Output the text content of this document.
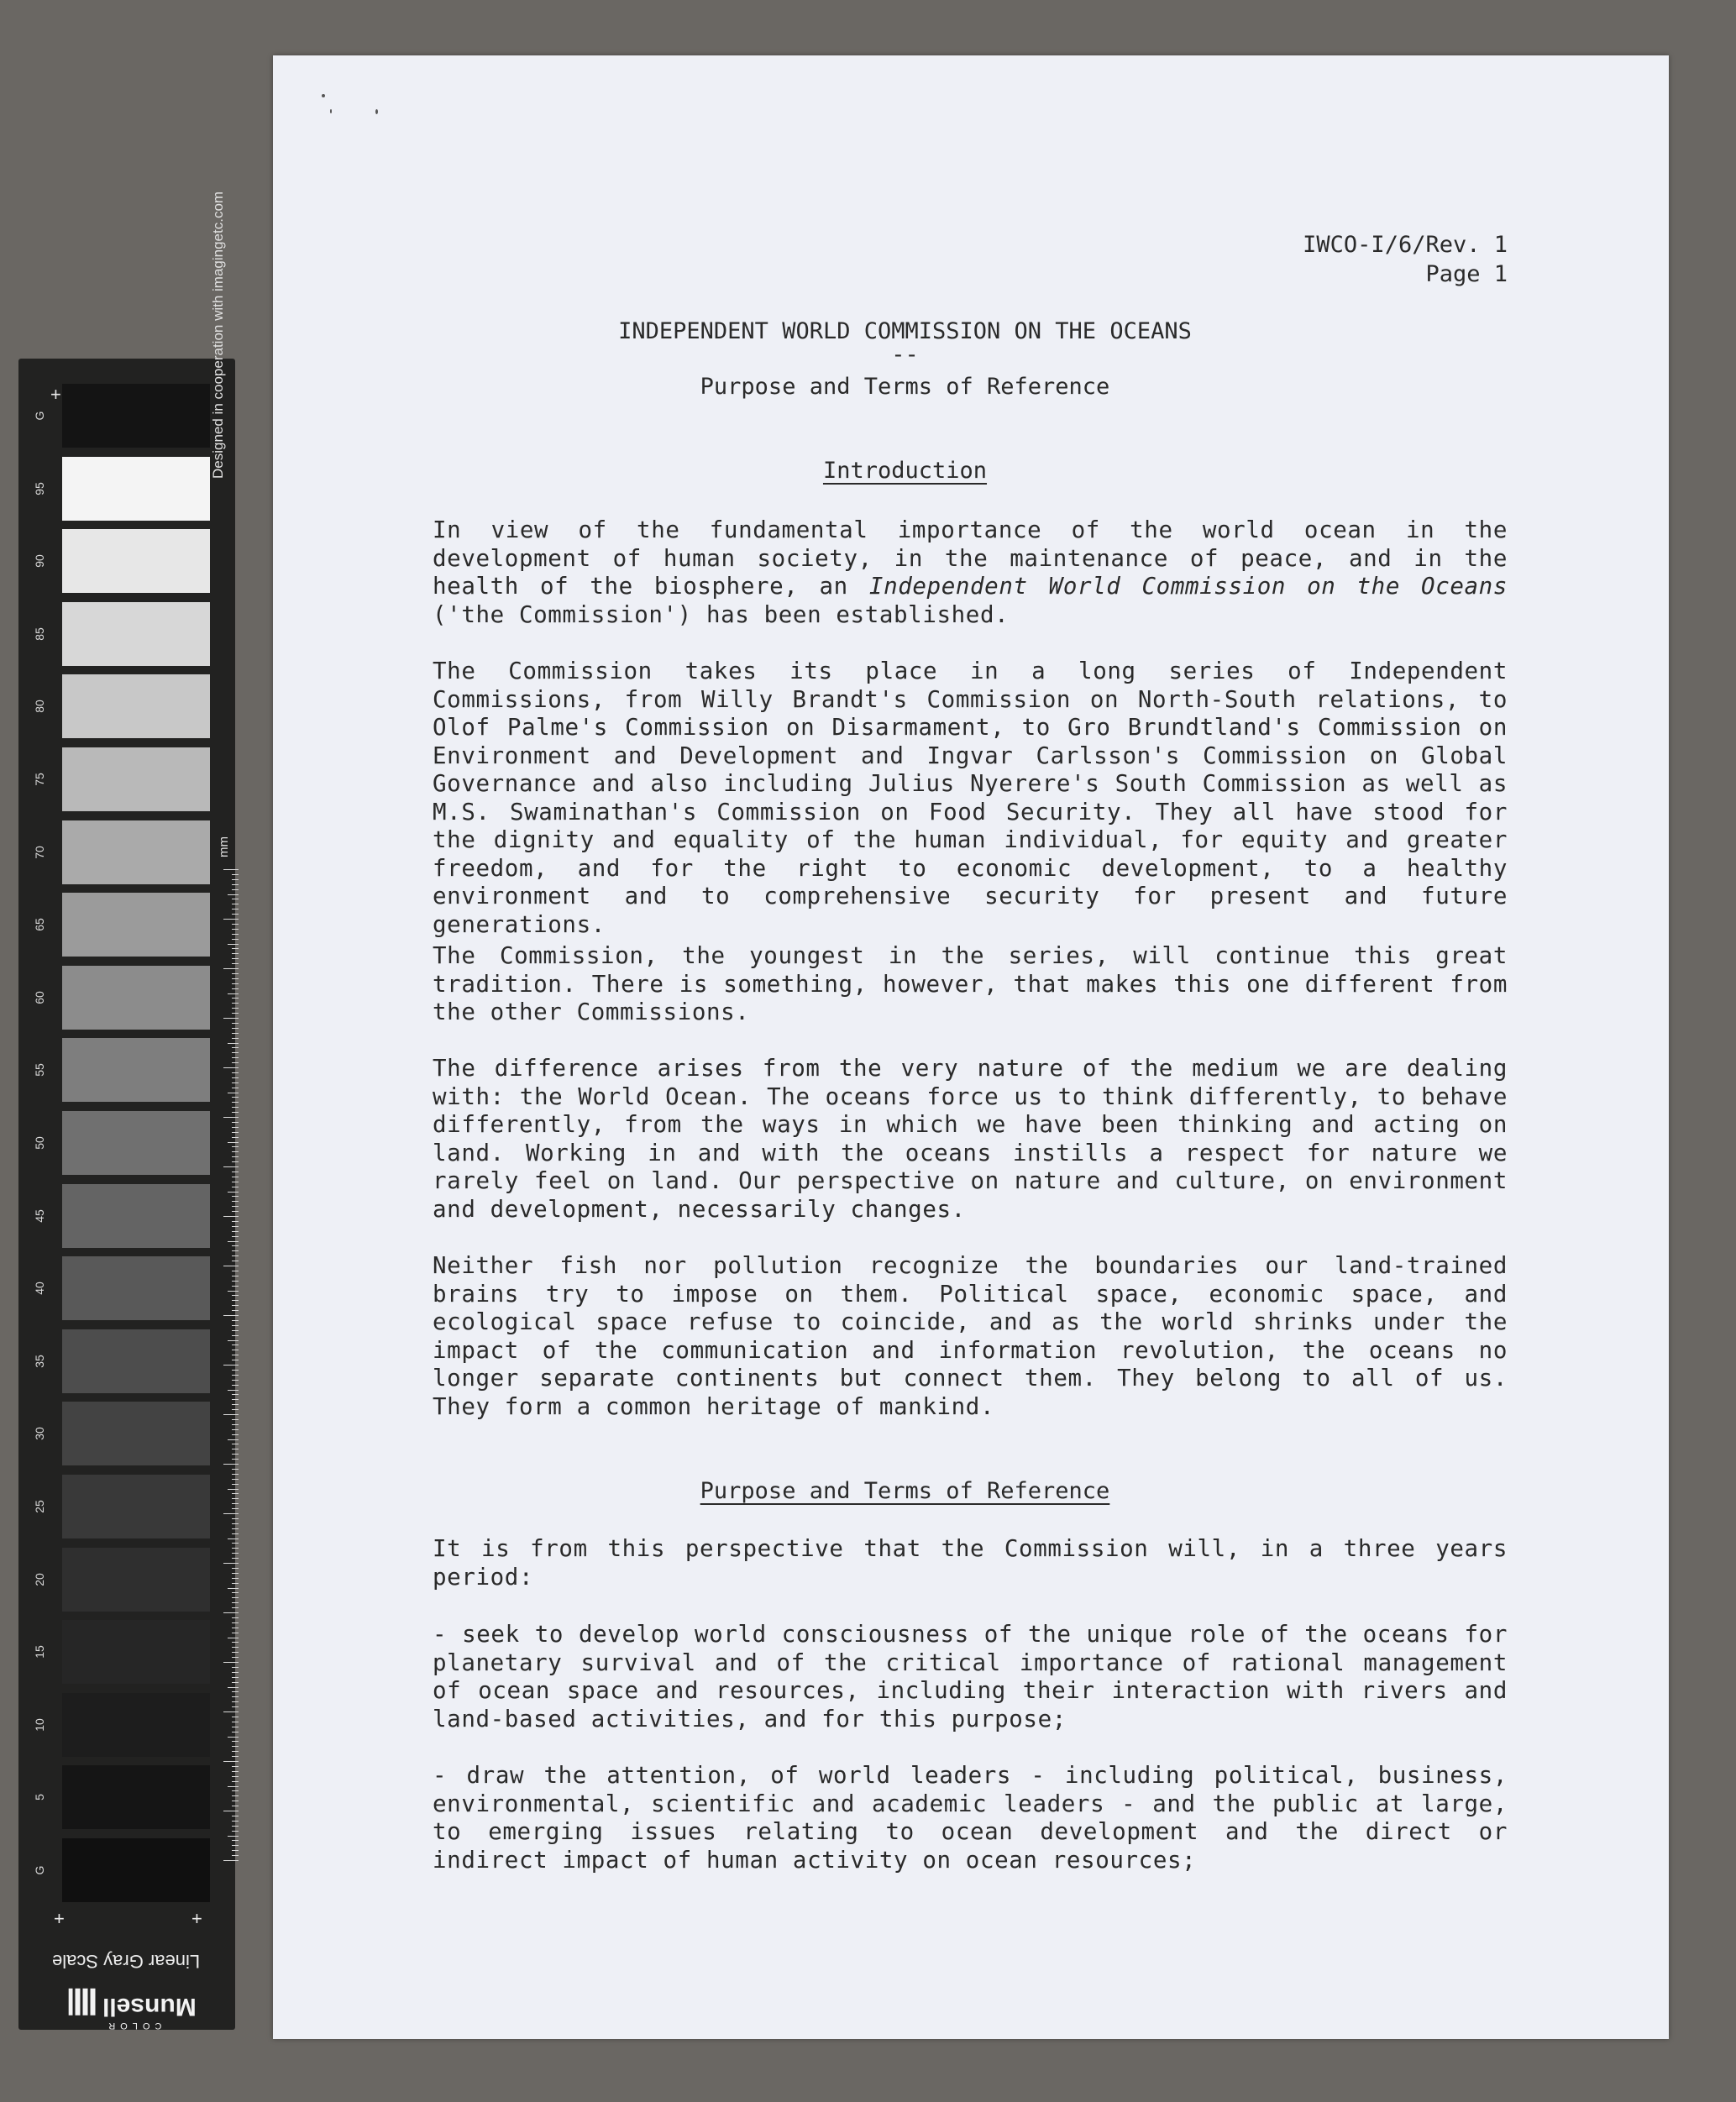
+
+	+
G
95
90
85
80
75
70
65
60
55
50
45
40
35
30
25
20
15
10
5
G
Designed in cooperation with imagingetc.com
mm
Linear Gray Scale
COLOR
Munsell
IWCO-I/6/Rev. 1
Page 1
INDEPENDENT WORLD COMMISSION ON THE OCEANS
--
Purpose and Terms of Reference
Introduction
In view of the fundamental importance of the world ocean in the development of human society, in the maintenance of peace, and in the health of the biosphere, an Independent World Commission on the Oceans ('the Commission') has been established.
The Commission takes its place in a long series of Independent Commissions, from Willy Brandt's Commission on North-South relations, to Olof Palme's Commission on Disarmament, to Gro Brundtland's Commission on Environment and Development and Ingvar Carlsson's Commission on Global Governance and also including Julius Nyerere's South Commission as well as M.S. Swaminathan's Commission on Food Security. They all have stood for the dignity and equality of the human individual, for equity and greater freedom, and for the right to economic development, to a healthy environment and to comprehensive security for present and future generations.
The Commission, the youngest in the series, will continue this great tradition. There is something, however, that makes this one different from the other Commissions.
The difference arises from the very nature of the medium we are dealing with: the World Ocean. The oceans force us to think differently, to behave differently, from the ways in which we have been thinking and acting on land. Working in and with the oceans instills a respect for nature we rarely feel on land. Our perspective on nature and culture, on environment and development, necessarily changes.
Neither fish nor pollution recognize the boundaries our land-trained brains try to impose on them. Political space, economic space, and ecological space refuse to coincide, and as the world shrinks under the impact of the communication and information revolution, the oceans no longer separate continents but connect them. They belong to all of us. They form a common heritage of mankind.
Purpose and Terms of Reference
It is from this perspective that the Commission will, in a three years period:
- seek to develop world consciousness of the unique role of the oceans for planetary survival and of the critical importance of rational management of ocean space and resources, including their interaction with rivers and land-based activities, and for this purpose;
- draw the attention, of world leaders - including political, business, environmental, scientific and academic leaders - and the public at large, to emerging issues relating to ocean development and the direct or indirect impact of human activity on ocean resources;
